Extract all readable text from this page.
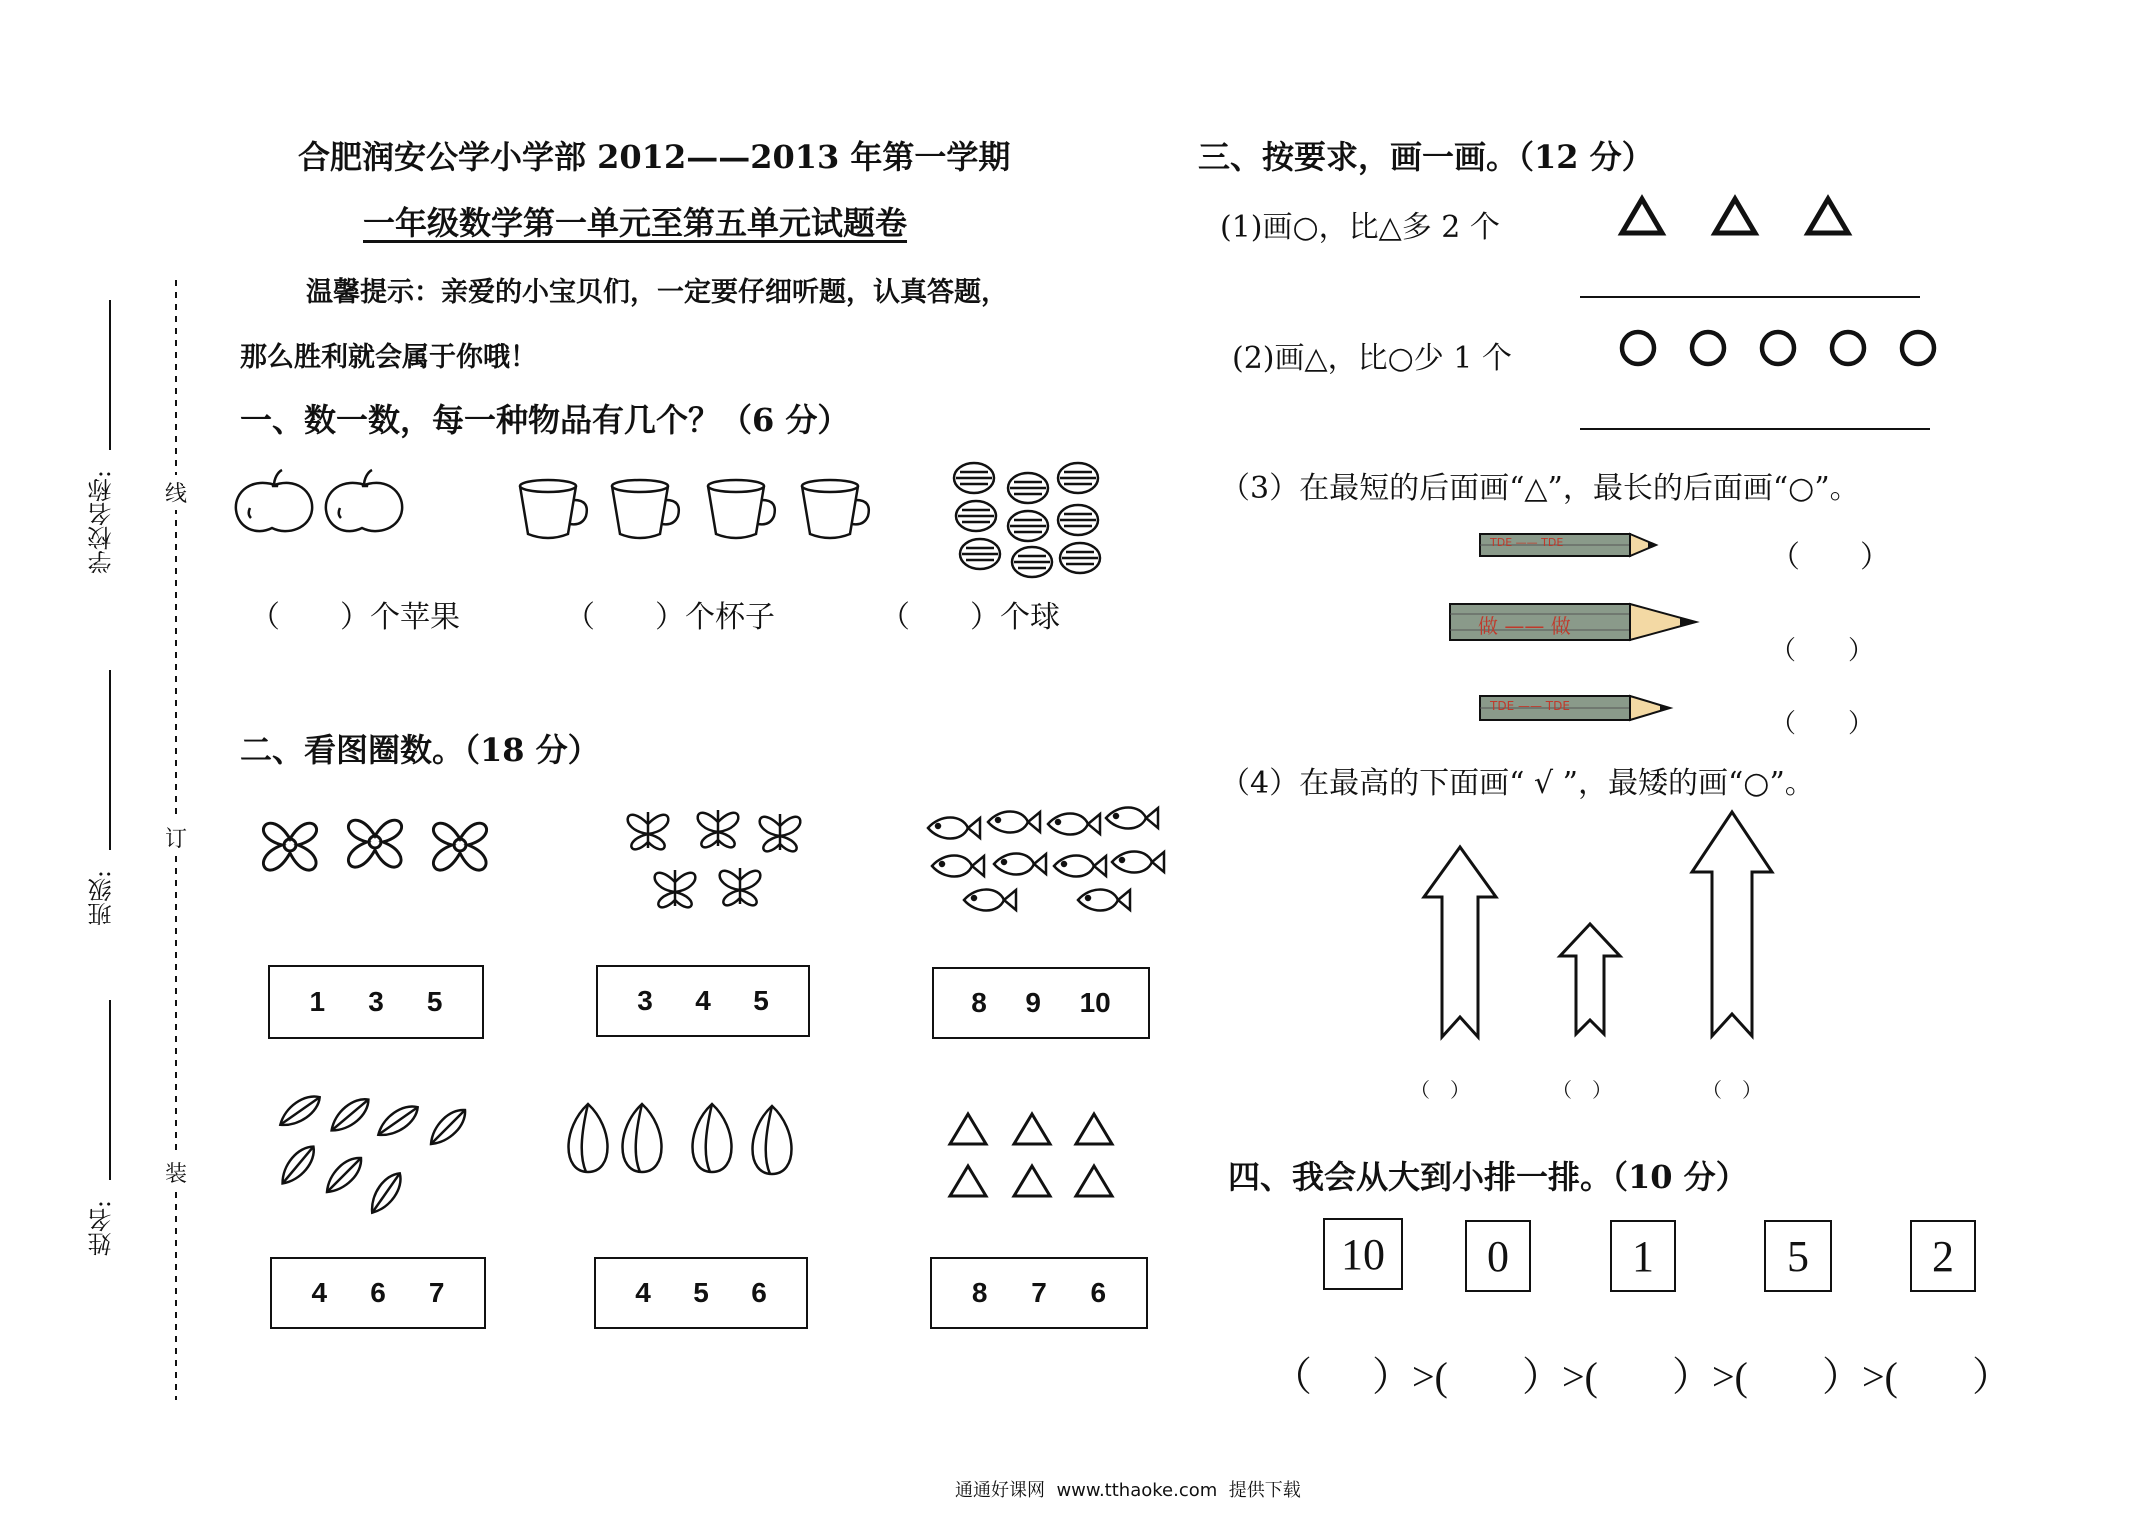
学校名称:
班级:
姓名:
线
订
装
合肥润安公学小学部 2012——2013 年第一学期
一年级数学第一单元至第五单元试题卷
温馨提示：亲爱的小宝贝们，一定要仔细听题，认真答题，
那么胜利就会属于你哦！
一、数一数，每一种物品有几个？（6 分）
（　　）个苹果	（　　）个杯子	（　　）个球
二、看图圈数。（18 分）
1 3 5	3 4 5	8 9 10
4 6 7	4 5 6	8 7 6
三、按要求，画一画。（12 分）
(1)画○，比△多 2 个
(2)画△，比○少 1 个
（3）在最短的后面画“△”，最长的后面画“○”。
TDE —— TDE
做 —— 做
TDE —— TDE
（　　）
（　　）
（　　）
（4）在最高的下面画“ √ ”，最矮的画“○”。
（　）	（　）	（　）
四、我会从大到小排一排。（10 分）
10	0	1	5	2
（ ）>( ）>( ）>( ）>( ）
通通好课网  www.tthaoke.com  提供下载
